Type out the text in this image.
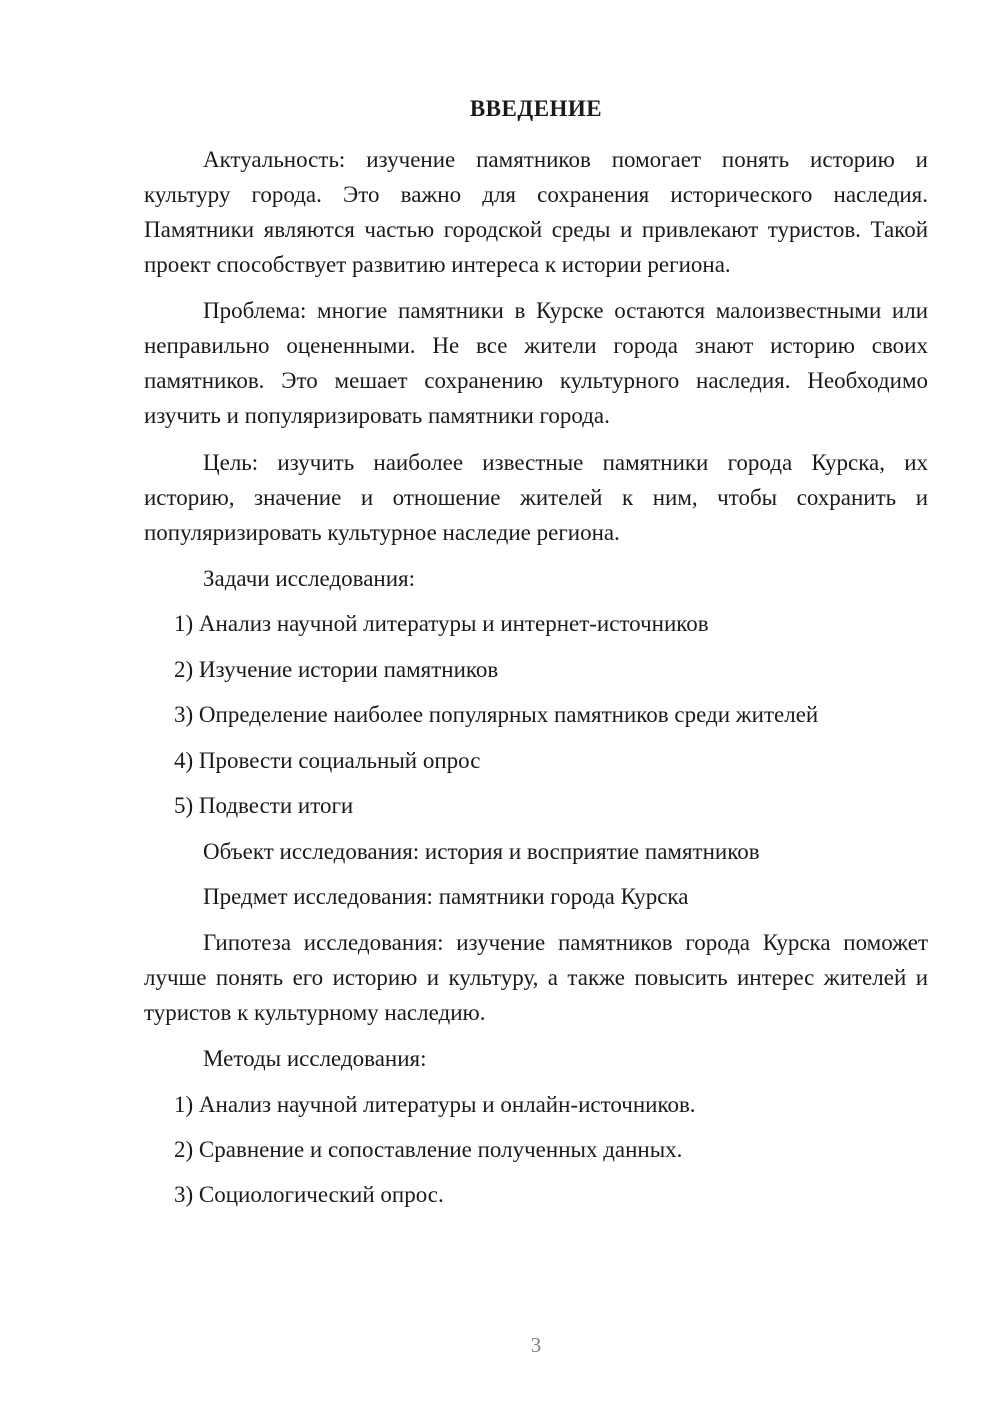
ВВЕДЕНИЕ

Актуальность: изучение памятников помогает понять историю и культуру города. Это важно для сохранения исторического наследия. Памятники являются частью городской среды и привлекают туристов. Такой проект способствует развитию интереса к истории региона.

Проблема: многие памятники в Курске остаются малоизвестными или неправильно оцененными. Не все жители города знают историю своих памятников. Это мешает сохранению культурного наследия. Необходимо изучить и популяризировать памятники города.

Цель: изучить наиболее известные памятники города Курска, их историю, значение и отношение жителей к ним, чтобы сохранить и популяризировать культурное наследие региона.

Задачи исследования:

1) Анализ научной литературы и интернет-источников

2) Изучение истории памятников

3) Определение наиболее популярных памятников среди жителей

4) Провести социальный опрос

5) Подвести итоги

Объект исследования: история и восприятие памятников

Предмет исследования: памятники города Курска

Гипотеза исследования: изучение памятников города Курска поможет лучше понять его историю и культуру, а также повысить интерес жителей и туристов к культурному наследию.

Методы исследования:

1) Анализ научной литературы и онлайн-источников.

2) Сравнение и сопоставление полученных данных.

3) Социологический опрос.

3
